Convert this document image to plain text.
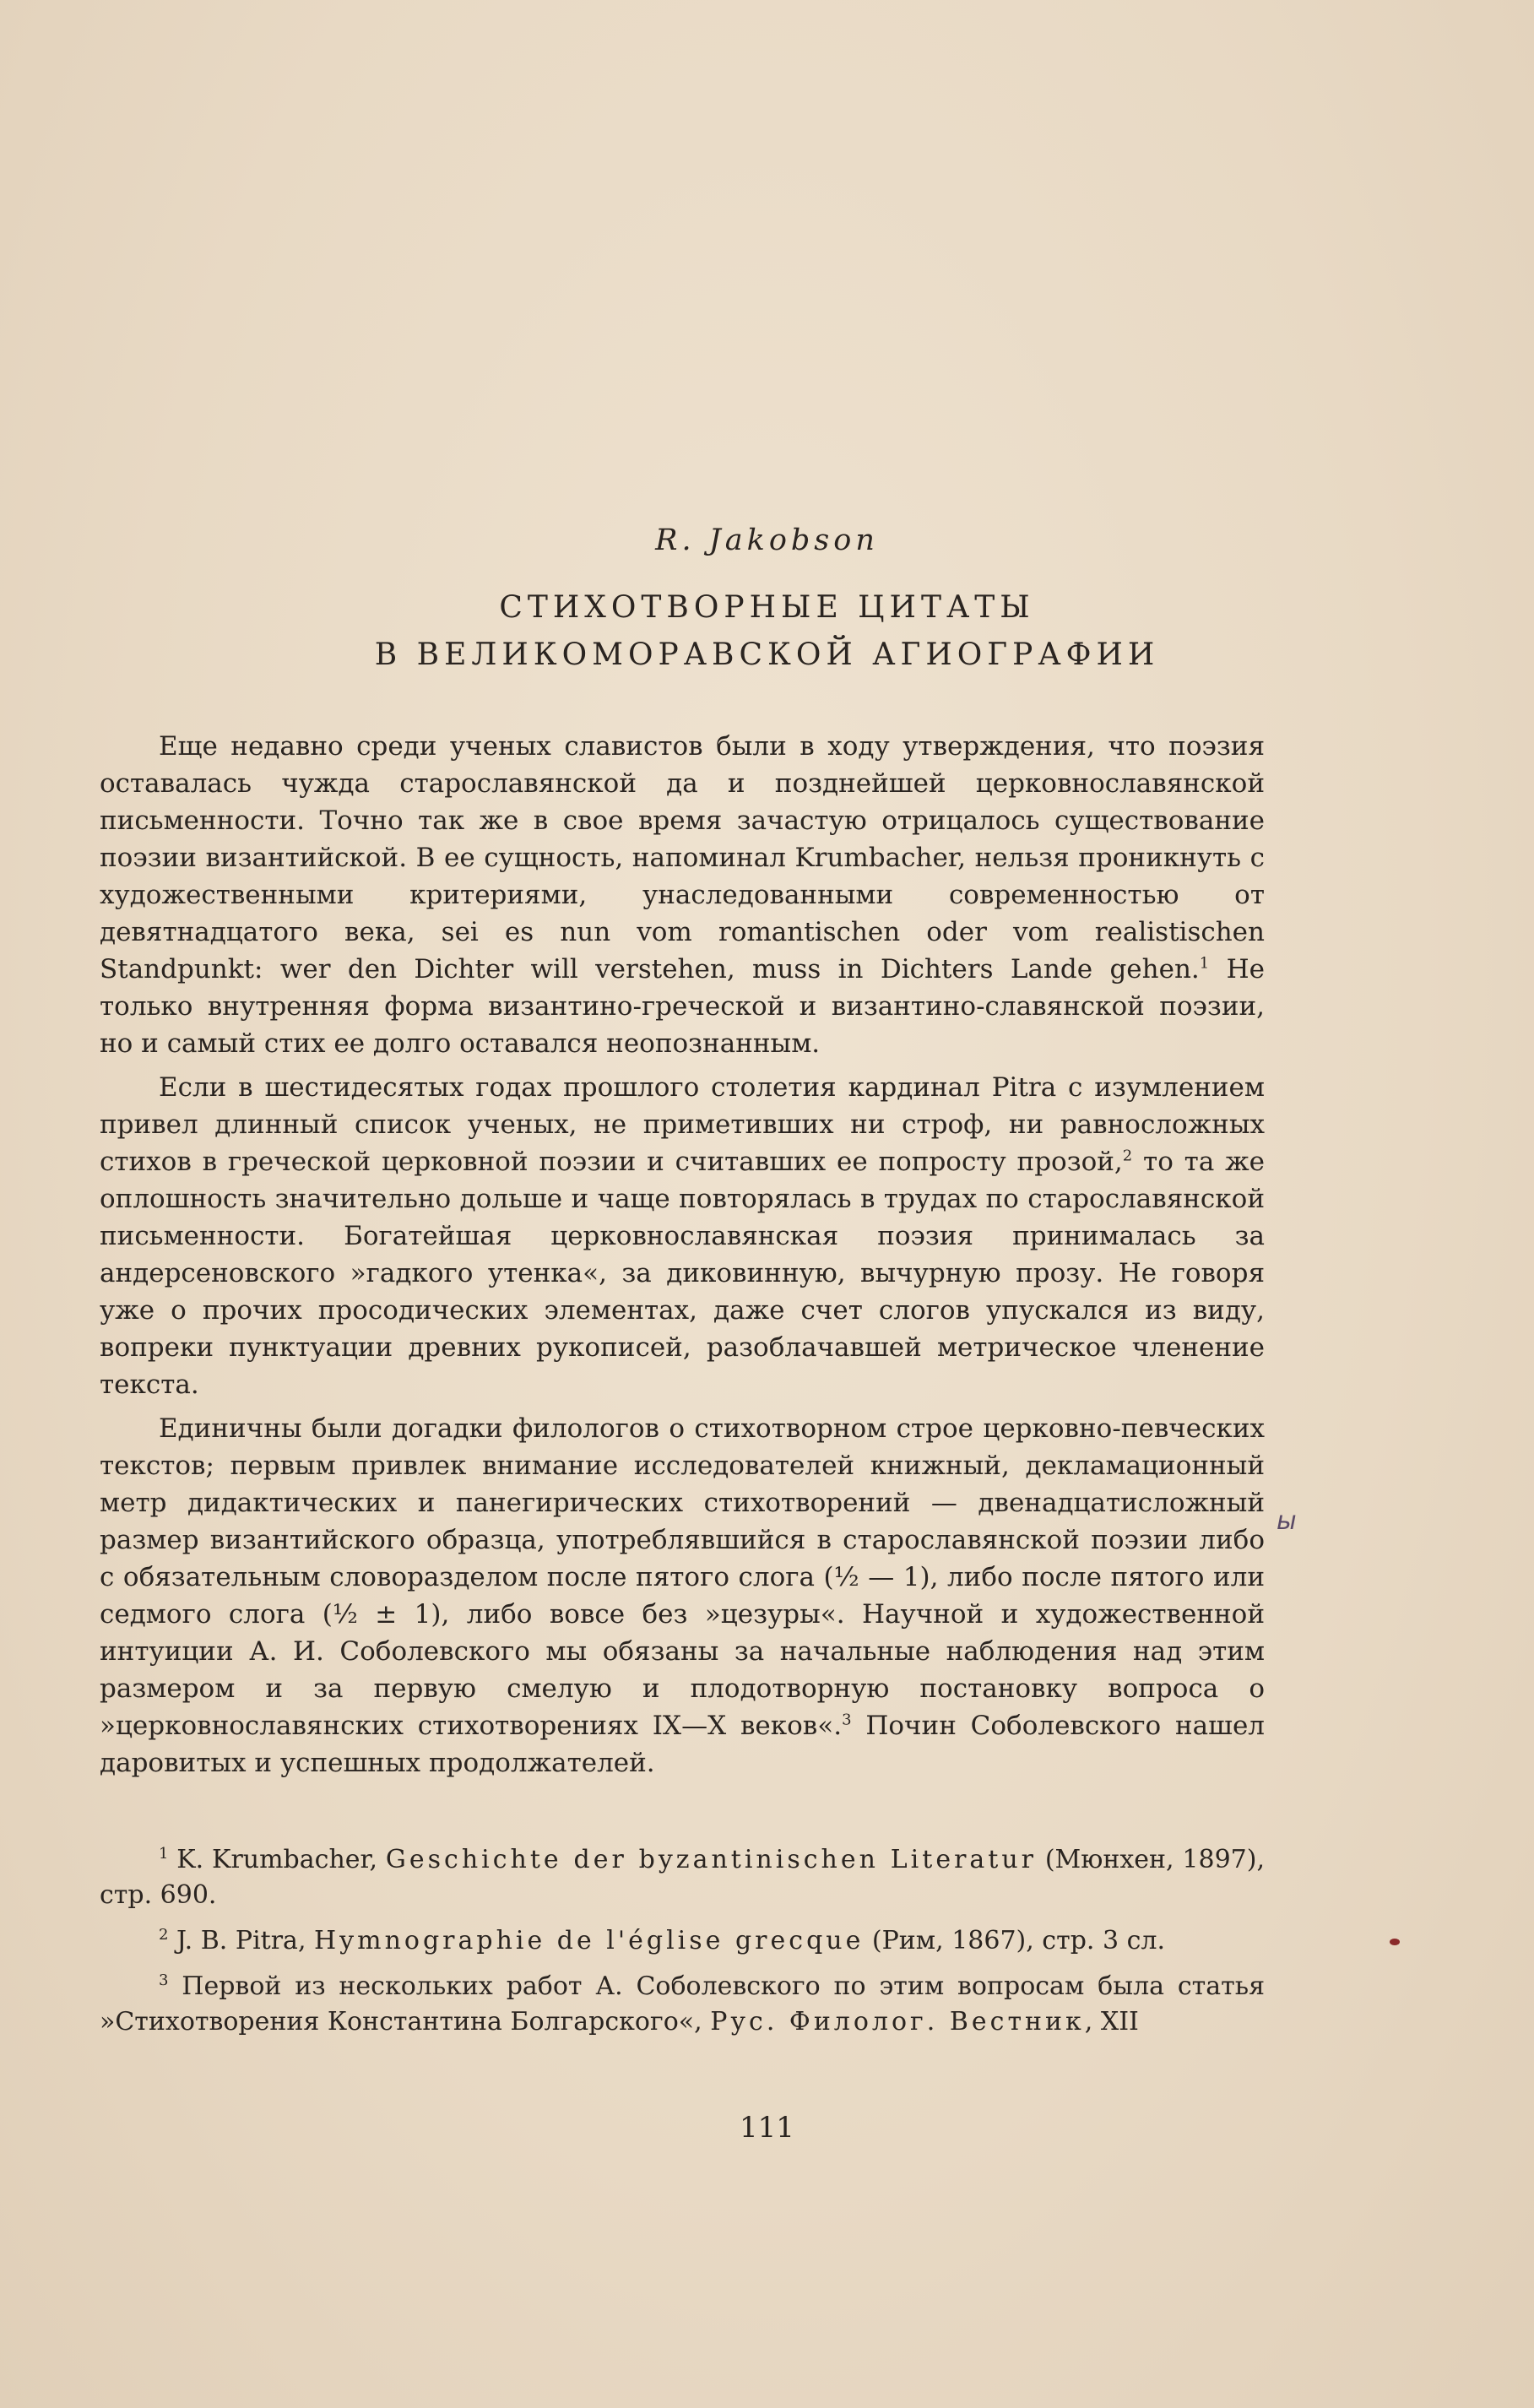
R. Jakobson
СТИХОТВОРНЫЕ ЦИТАТЫ
В ВЕЛИКОМОРАВСКОЙ АГИОГРАФИИ

Еще недавно среди ученых славистов были в ходу утверждения, что поэзия оставалась чужда старославянской да и позднейшей церковнославянской письменности. Точно так же в свое время зачастую отрицалось существование поэзии византийской. В ее сущность, напоминал Krumbacher, нельзя проникнуть с художественными критериями, унаследованными современностью от девятнадцатого века, sei es nun vom romantischen oder vom realistischen Standpunkt: wer den Dichter will verstehen, muss in Dichters Lande gehen.$^1$ Не только внутренняя форма византино-греческой и византино-славянской поэзии, но и самый стих ее долго оставался неопознанным.

Если в шестидесятых годах прошлого столетия кардинал Pitra с изумлением привел длинный список ученых, не приметивших ни строф, ни равносложных стихов в греческой церковной поэзии и считавших ее попросту прозой,$^2$ то та же оплошность значительно дольше и чаще повторялась в трудах по старославянской письменности. Богатейшая церковнославянская поэзия принималась за андерсеновского »гадкого утенка«, за диковинную, вычурную прозу. Не говоря уже о прочих просодических элементах, даже счет слогов упускался из виду, вопреки пунктуации древних рукописей, разоблачавшей метрическое членение текста.

Единичны были догадки филологов о стихотворном строе церковно-певческих текстов; первым привлек внимание исследователей книжный, декламационный метр дидактических и панегирических стихотворений — двенадцатисложный размер византийского образца, употреблявшийся в старославянской поэзии либо с обязательным словоразделом после пятого слога (½ — 1), либо после пятого или седмого слога (½ ± 1), либо вовсе без »цезуры«. Научной и художественной интуиции А. И. Соболевского мы обязаны за начальные наблюдения над этим размером и за первую смелую и плодотворную постановку вопроса о »церковнославянских стихотворениях IX—X веков«.$^3$ Почин Соболевского нашел даровитых и успешных продолжателей.

$^1$ K. Krumbacher, Geschichte der byzantinischen Literatur (Мюнхен, 1897), стр. 690.

$^2$ J. B. Pitra, Hymnographie de l'église grecque (Рим, 1867), стр. 3 сл.

$^3$ Первой из нескольких работ А. Соболевского по этим вопросам была статья »Стихотворения Константина Болгарского«, Рус. Филолог. Вестник, XII

111
ы
